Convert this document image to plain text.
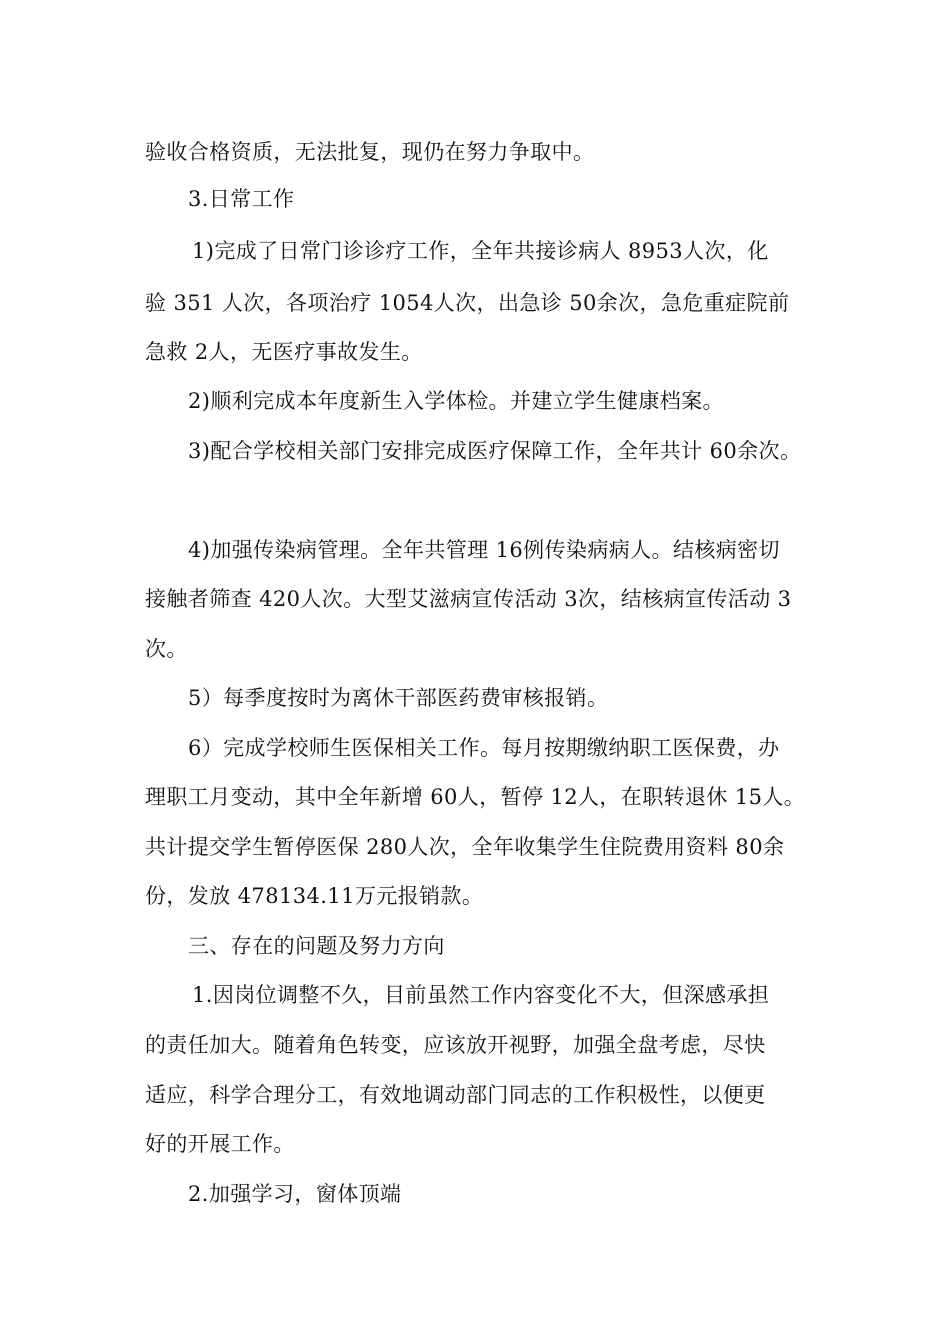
验收合格资质，无法批复，现仍在努力争取中。
3.日常工作
1)完成了日常门诊诊疗工作，全年共接诊病人 8953人次，化
验 351 人次，各项治疗 1054人次，出急诊 50余次，急危重症院前
急救 2人，无医疗事故发生。
2)顺利完成本年度新生入学体检。并建立学生健康档案。
3)配合学校相关部门安排完成医疗保障工作，全年共计 60余次。
4)加强传染病管理。全年共管理 16例传染病病人。结核病密切
接触者筛查 420人次。大型艾滋病宣传活动 3次，结核病宣传活动 3
次。
5）每季度按时为离休干部医药费审核报销。
6）完成学校师生医保相关工作。每月按期缴纳职工医保费，办
理职工月变动，其中全年新增 60人，暂停 12人，在职转退休 15人。
共计提交学生暂停医保 280人次，全年收集学生住院费用资料 80余
份，发放 478134.11万元报销款。
三、存在的问题及努力方向
1.因岗位调整不久，目前虽然工作内容变化不大，但深感承担
的责任加大。随着角色转变，应该放开视野，加强全盘考虑，尽快
适应，科学合理分工，有效地调动部门同志的工作积极性，以便更
好的开展工作。
2.加强学习，窗体顶端
